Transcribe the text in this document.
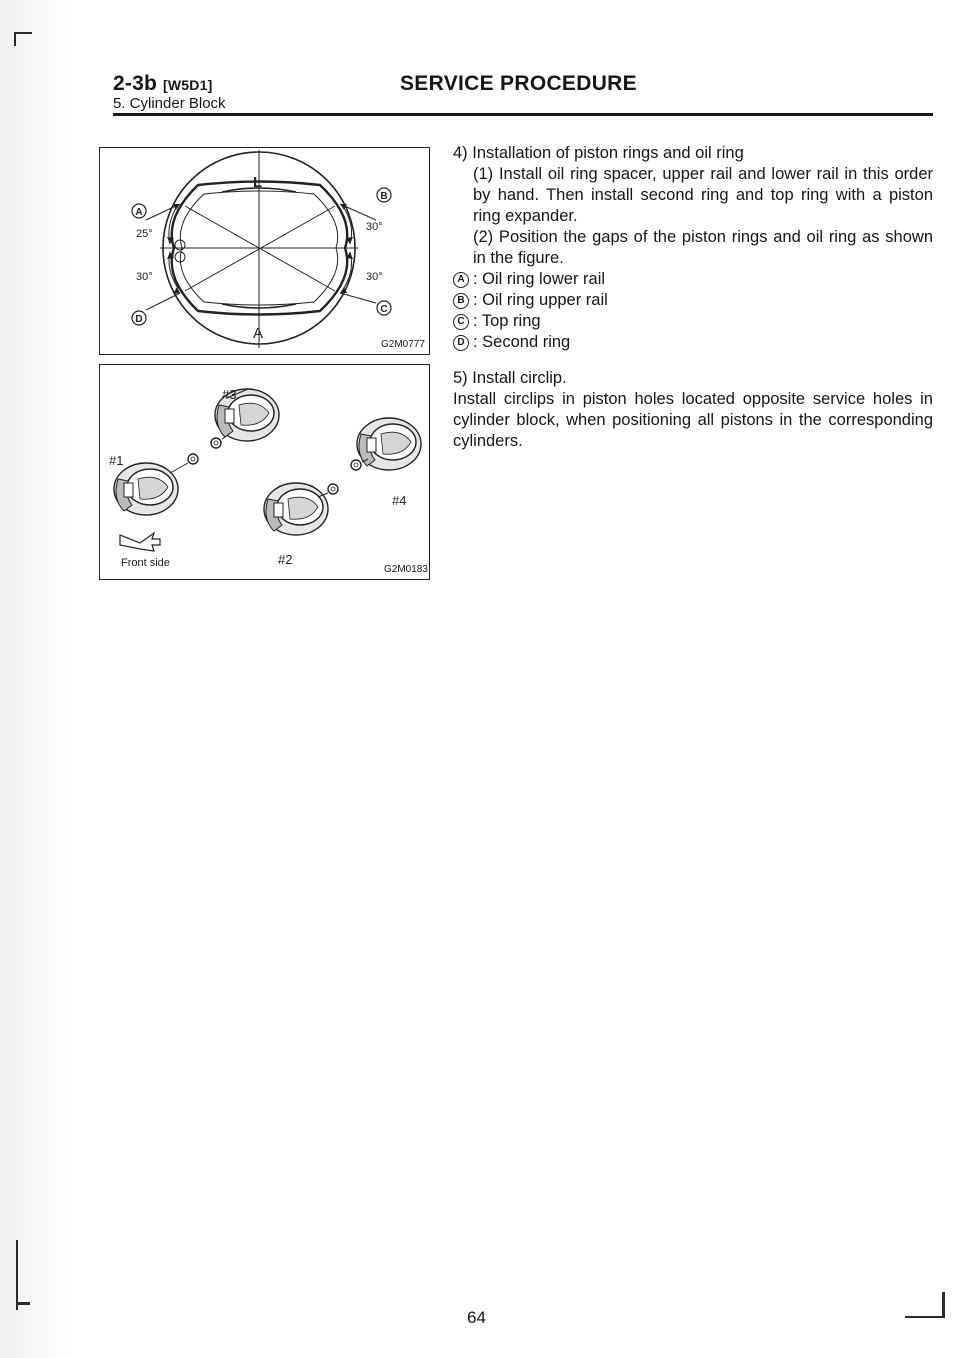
2-3b [W5D1]	SERVICE PROCEDURE
5. Cylinder Block
L
A
A
B
C
D
25°
30°
30°
30°
G2M0777
#3
#1
#4
#2
Front side
G2M0183

4) Installation of piston rings and oil ring

(1) Install oil ring spacer, upper rail and lower rail in this order by hand. Then install second ring and top ring with a piston ring expander.

(2) Position the gaps of the piston rings and oil ring as shown in the figure.

A : Oil ring lower rail
B : Oil ring upper rail
C : Top ring
D : Second ring

5) Install circlip.

Install circlips in piston holes located opposite service holes in cylinder block, when positioning all pistons in the corresponding cylinders.

64
